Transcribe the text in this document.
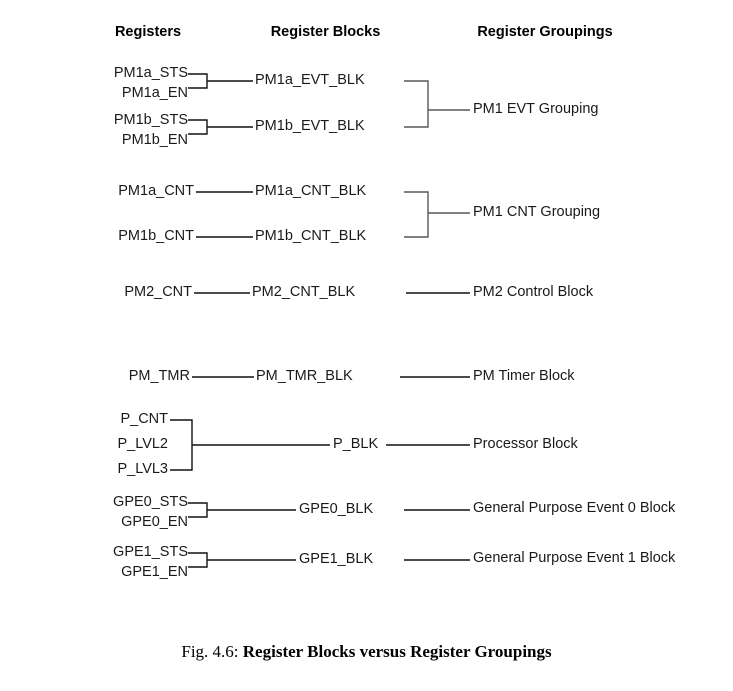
Registers	Register Blocks	Register Groupings
PM1a_STS
PM1a_EN
PM1b_STS
PM1b_EN
PM1a_CNT
PM1b_CNT
PM2_CNT
PM_TMR
P_CNT
P_LVL2
P_LVL3
GPE0_STS
GPE0_EN
GPE1_STS
GPE1_EN
PM1a_EVT_BLK
PM1b_EVT_BLK
PM1a_CNT_BLK
PM1b_CNT_BLK
PM2_CNT_BLK
PM_TMR_BLK
P_BLK
GPE0_BLK
GPE1_BLK
PM1 EVT Grouping
PM1 CNT Grouping
PM2 Control Block
PM Timer Block
Processor Block
General Purpose Event 0 Block
General Purpose Event 1 Block
Fig. 4.6: Register Blocks versus Register Groupings
